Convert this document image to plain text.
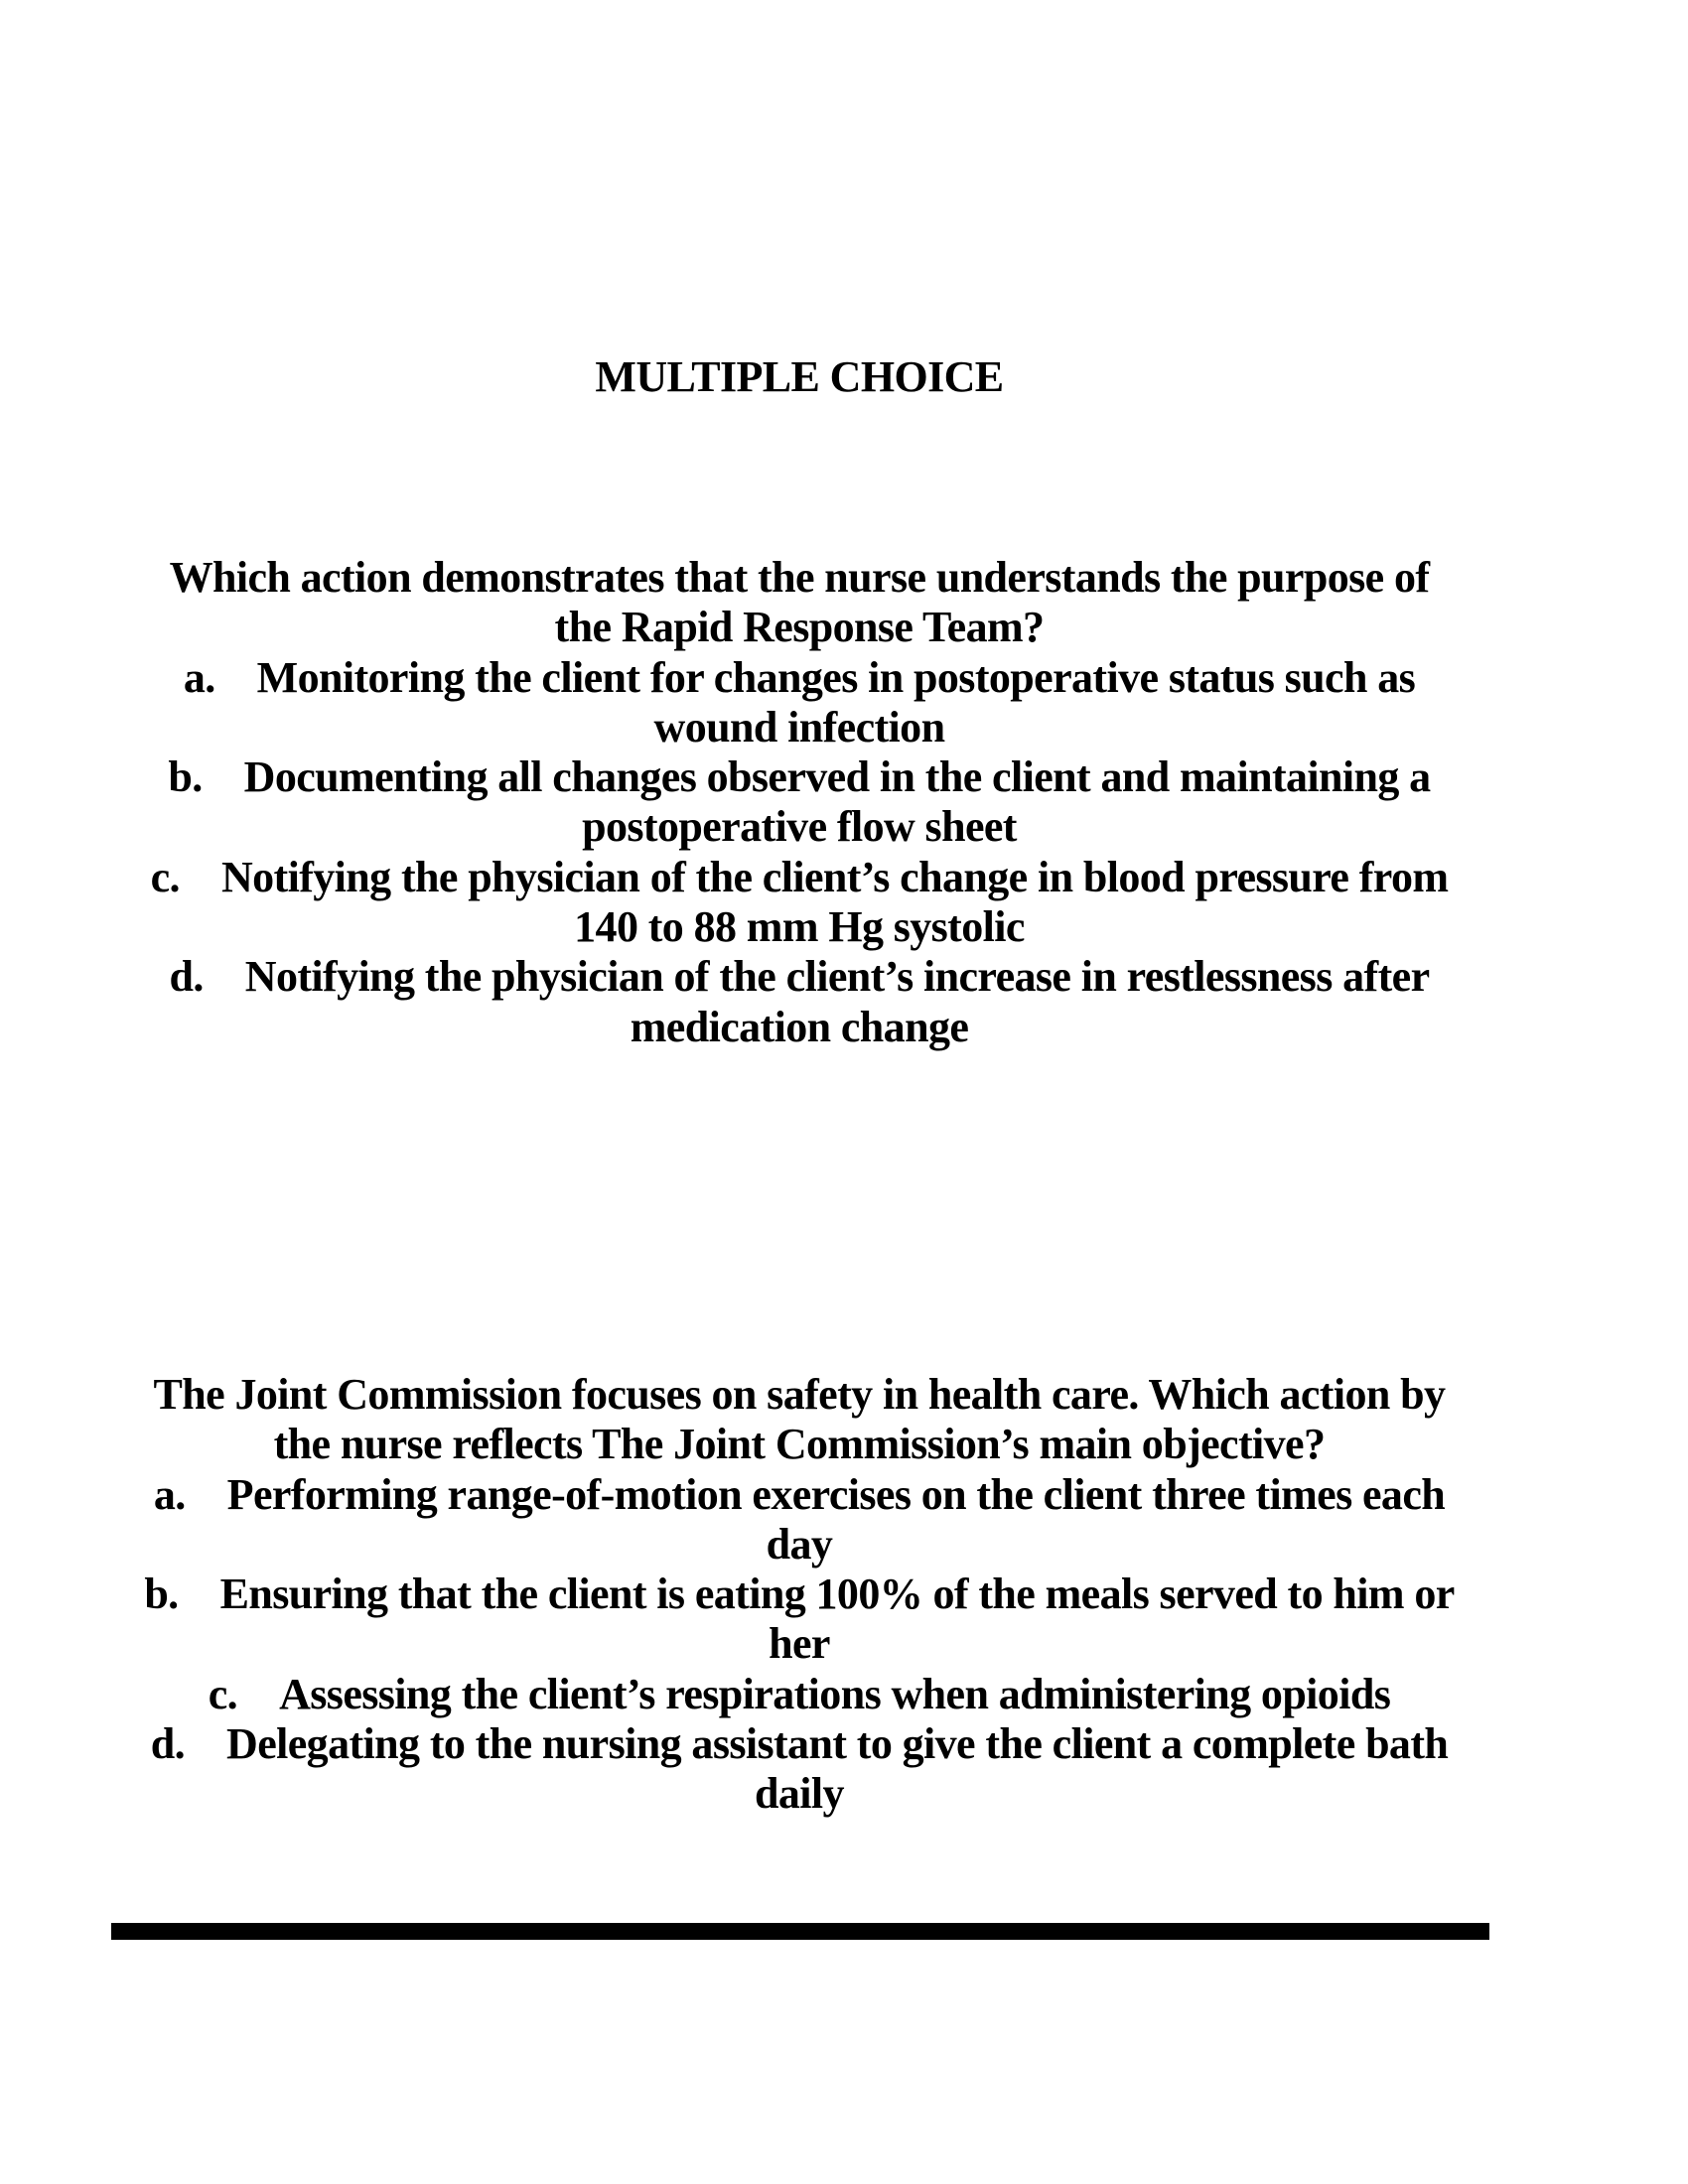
MULTIPLE CHOICE
Which action demonstrates that the nurse understands the purpose of
the Rapid Response Team?
a. Monitoring the client for changes in postoperative status such as
wound infection
b. Documenting all changes observed in the client and maintaining a
postoperative flow sheet
c. Notifying the physician of the client’s change in blood pressure from
140 to 88 mm Hg systolic
d. Notifying the physician of the client’s increase in restlessness after
medication change
The Joint Commission focuses on safety in health care. Which action by
the nurse reflects The Joint Commission’s main objective?
a. Performing range-of-motion exercises on the client three times each
day
b. Ensuring that the client is eating 100% of the meals served to him or
her
c. Assessing the client’s respirations when administering opioids
d. Delegating to the nursing assistant to give the client a complete bath
daily
